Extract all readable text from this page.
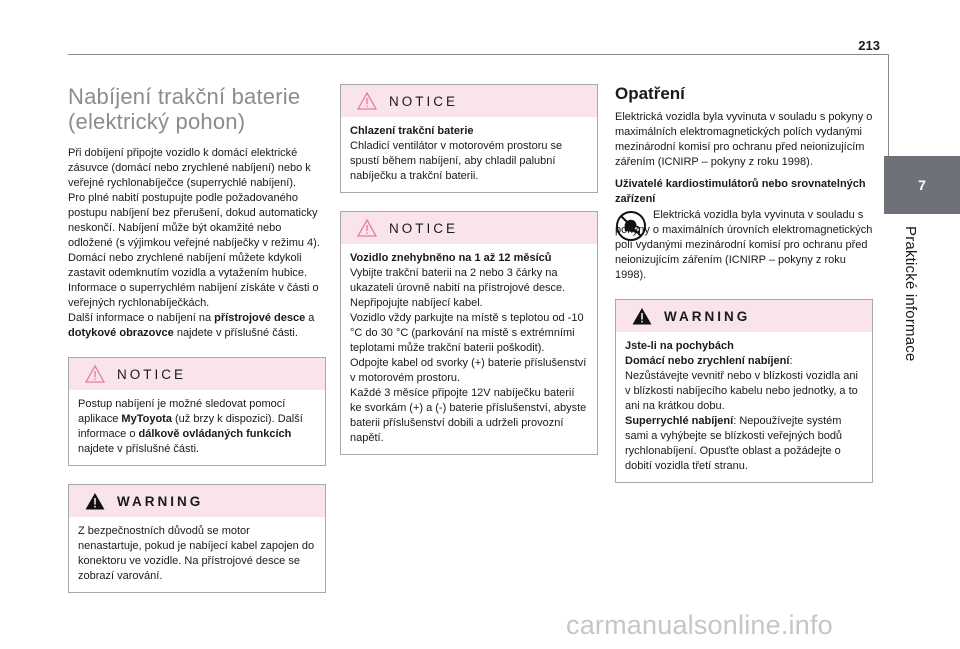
213
7
Praktické informace
Nabíjení trakční baterie
(elektrický pohon)

Při dobíjení připojte vozidlo k domácí elektrické zásuvce (domácí nebo zrychlené nabíjení) nebo k veřejné rychlonabíječce (superrychlé nabíjení).

Pro plné nabití postupujte podle požadovaného postupu nabíjení bez přerušení, dokud automaticky neskončí. Nabíjení může být okamžité nebo odložené (s výjimkou veřejné nabíječky v režimu 4).

Domácí nebo zrychlené nabíjení můžete kdykoli zastavit odemknutím vozidla a vytažením hubice.

Informace o superrychlém nabíjení získáte v části o veřejných rychlonabíječkách.

Další informace o nabíjení na přístrojové desce a dotykové obrazovce najdete v příslušné části.

NOTICE

Postup nabíjení je možné sledovat pomocí aplikace MyToyota (už brzy k dispozici). Další informace o dálkově ovládaných funkcích najdete v příslušné části.

WARNING

Z bezpečnostních důvodů se motor nenastartuje, pokud je nabíjecí kabel zapojen do konektoru ve vozidle. Na přístrojové desce se zobrazí varování.

NOTICE

Chlazení trakční baterie

Chladicí ventilátor v motorovém prostoru se spustí během nabíjení, aby chladil palubní nabíječku a trakční baterii.

NOTICE

Vozidlo znehybněno na 1 až 12 měsíců

Vybijte trakční baterii na 2 nebo 3 čárky na ukazateli úrovně nabití na přístrojové desce.

Nepřipojujte nabíjecí kabel.

Vozidlo vždy parkujte na místě s teplotou od -10 °C do 30 °C (parkování na místě s extrémními teplotami může trakční baterii poškodit).

Odpojte kabel od svorky (+) baterie příslušenství v motorovém prostoru.

Každé 3 měsíce připojte 12V nabíječku baterií ke svorkám (+) a (-) baterie příslušenství, abyste baterii příslušenství dobili a udrželi provozní napětí.

Opatření

Elektrická vozidla byla vyvinuta v souladu s pokyny o maximálních elektromagnetických polích vydanými mezinárodní komisí pro ochranu před neionizujícím zářením (ICNIRP – pokyny z roku 1998).

Uživatelé kardiostimulátorů nebo srovnatelných zařízení

Elektrická vozidla byla vyvinuta v souladu s pokyny o maximálních úrovních elektromagnetických polí vydanými mezinárodní komisí pro ochranu před neionizujícím zářením (ICNIRP – pokyny z roku 1998).

WARNING

Jste-li na pochybách

Domácí nebo zrychlení nabíjení:

Nezůstávejte vevnitř nebo v blízkosti vozidla ani v blízkosti nabíjecího kabelu nebo jednotky, a to ani na krátkou dobu.

Superrychlé nabíjení: Nepoužívejte systém sami a vyhýbejte se blízkosti veřejných bodů rychlonabíjení. Opusťte oblast a požádejte o dobití vozidla třetí stranu.

carmanualsonline.info
